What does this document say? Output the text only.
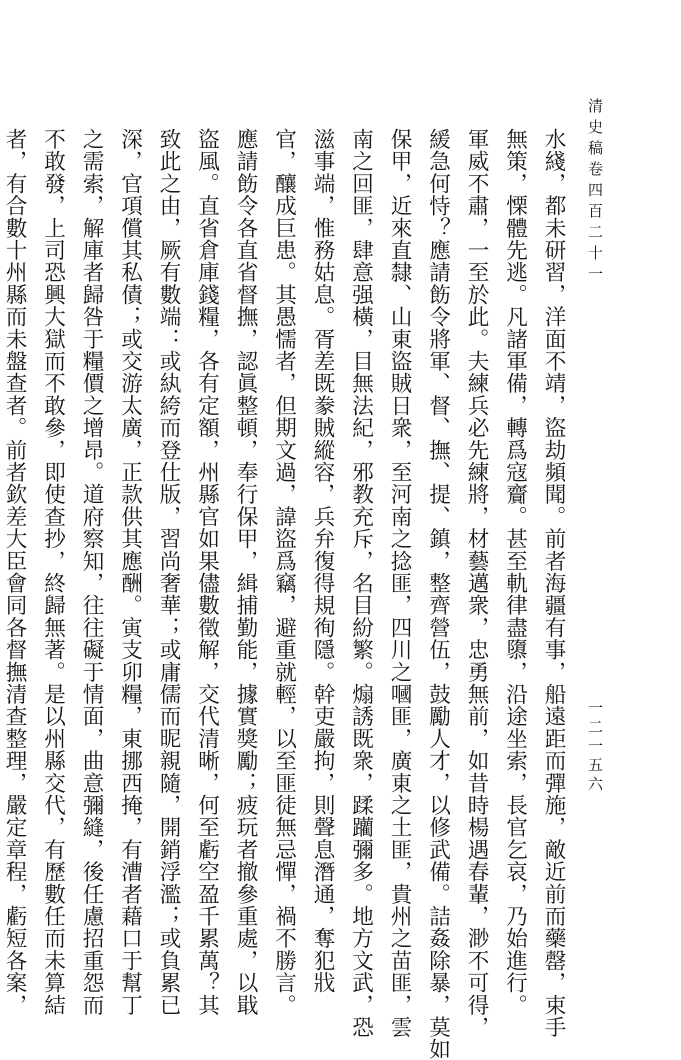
清史稿卷四百二十一
一二一五六
水綫，都未研習，洋面不靖，盜劫頻聞。前者海疆有事，船遠距而彈施，敵近前而藥罄，束手
無策，慄體先逃。凡諸軍備，轉爲寇齎。甚至軌律盡隳，沿途坐索，長官乞哀，乃始進行。
軍威不肅，一至於此。夫練兵必先練將，材藝邁衆，忠勇無前，如昔時楊遇春輩，渺不可得，
緩急何恃？應請飭令將軍、督、撫、提、鎮，整齊營伍，鼓勵人才，以修武備。詰姦除暴，莫如
保甲，近來直隸、山東盜賊日衆，至河南之捻匪，四川之嘓匪，廣東之土匪，貴州之苗匪，雲
南之回匪，肆意强橫，目無法紀，邪教充斥，名目紛繁。煽誘既衆，蹂躪彌多。地方文武，恐
滋事端，惟務姑息。胥差既豢賊縱容，兵弁復得規徇隱。幹吏嚴拘，則聲息潛通，奪犯戕
官，釀成巨患。其愚懦者，但期文過，諱盜爲竊，避重就輕，以至匪徒無忌憚，禍不勝言。
應請飭令各直省督撫，認眞整頓，奉行保甲，緝捕勤能，據實獎勵；疲玩者撤參重處，以戢
盜風。直省倉庫錢糧，各有定額，州縣官如果儘數徵解，交代清晰，何至虧空盈千累萬？其
致此之由，厥有數端：或紈絝而登仕版，習尚奢華；或庸儒而昵親隨，開銷浮濫；或負累已
深，官項償其私債；或交游太廣，正款供其應酬。寅支卯糧，東挪西掩，有漕者藉口于幫丁
之需索，解庫者歸咎于糧價之增昂。道府察知，往往礙于情面，曲意彌縫，後任慮招重怨而
不敢發，上司恐興大獄而不敢參，即使查抄，終歸無著。是以州縣交代，有歷數任而未算結
者，有合數十州縣而未盤查者。前者欽差大臣會同各督撫清查整理，嚴定章程，虧短各案，
